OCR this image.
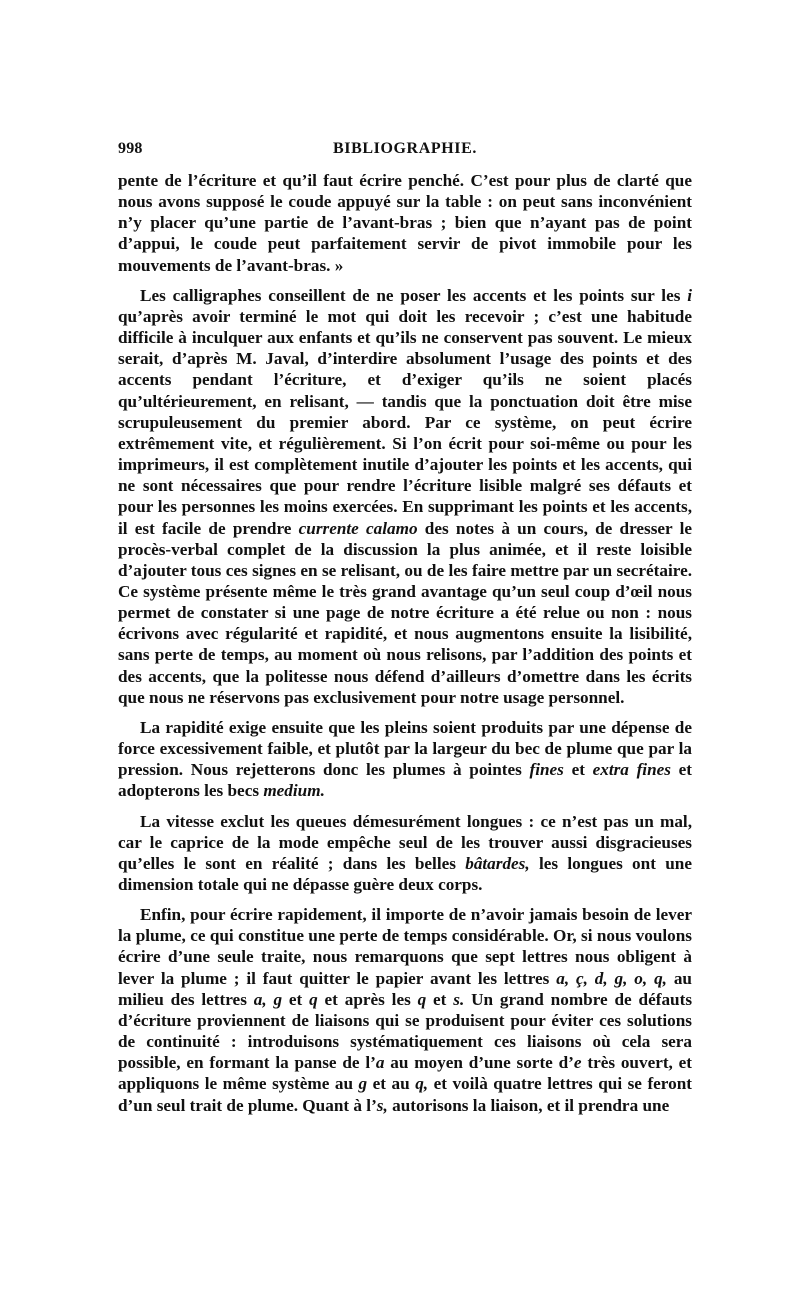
998	BIBLIOGRAPHIE.

pente de l’écriture et qu’il faut écrire penché. C’est pour plus de clarté que nous avons supposé le coude appuyé sur la table : on peut sans inconvénient n’y placer qu’une partie de l’avant-bras ; bien que n’ayant pas de point d’appui, le coude peut parfaitement servir de pivot immobile pour les mouvements de l’avant-bras. »

Les calligraphes conseillent de ne poser les accents et les points sur les i qu’après avoir terminé le mot qui doit les recevoir ; c’est une habitude difficile à inculquer aux enfants et qu’ils ne conservent pas souvent. Le mieux serait, d’après M. Javal, d’interdire absolument l’usage des points et des accents pendant l’écriture, et d’exiger qu’ils ne soient placés qu’ultérieurement, en relisant, — tandis que la ponctuation doit être mise scrupuleusement du premier abord. Par ce système, on peut écrire extrêmement vite, et régulièrement. Si l’on écrit pour soi-même ou pour les imprimeurs, il est complètement inutile d’ajouter les points et les accents, qui ne sont nécessaires que pour rendre l’écriture lisible malgré ses défauts et pour les personnes les moins exercées. En supprimant les points et les accents, il est facile de prendre currente calamo des notes à un cours, de dresser le procès-verbal complet de la discussion la plus animée, et il reste loisible d’ajouter tous ces signes en se relisant, ou de les faire mettre par un secrétaire. Ce système présente même le très grand avantage qu’un seul coup d’œil nous permet de constater si une page de notre écriture a été relue ou non : nous écrivons avec régularité et rapidité, et nous augmentons ensuite la lisibilité, sans perte de temps, au moment où nous relisons, par l’addition des points et des accents, que la politesse nous défend d’ailleurs d’omettre dans les écrits que nous ne réservons pas exclusivement pour notre usage personnel.

La rapidité exige ensuite que les pleins soient produits par une dépense de force excessivement faible, et plutôt par la largeur du bec de plume que par la pression. Nous rejetterons donc les plumes à pointes fines et extra fines et adopterons les becs medium.

La vitesse exclut les queues démesurément longues : ce n’est pas un mal, car le caprice de la mode empêche seul de les trouver aussi disgracieuses qu’elles le sont en réalité ; dans les belles bâtardes, les longues ont une dimension totale qui ne dépasse guère deux corps.

Enfin, pour écrire rapidement, il importe de n’avoir jamais besoin de lever la plume, ce qui constitue une perte de temps considérable. Or, si nous voulons écrire d’une seule traite, nous remarquons que sept lettres nous obligent à lever la plume ; il faut quitter le papier avant les lettres a, ç, d, g, o, q, au milieu des lettres a, g et q et après les q et s. Un grand nombre de défauts d’écriture proviennent de liaisons qui se produisent pour éviter ces solutions de continuité : introduisons systématiquement ces liaisons où cela sera possible, en formant la panse de l’a au moyen d’une sorte d’e très ouvert, et appliquons le même système au g et au q, et voilà quatre lettres qui se feront d’un seul trait de plume. Quant à l’s, autorisons la liaison, et il prendra une
